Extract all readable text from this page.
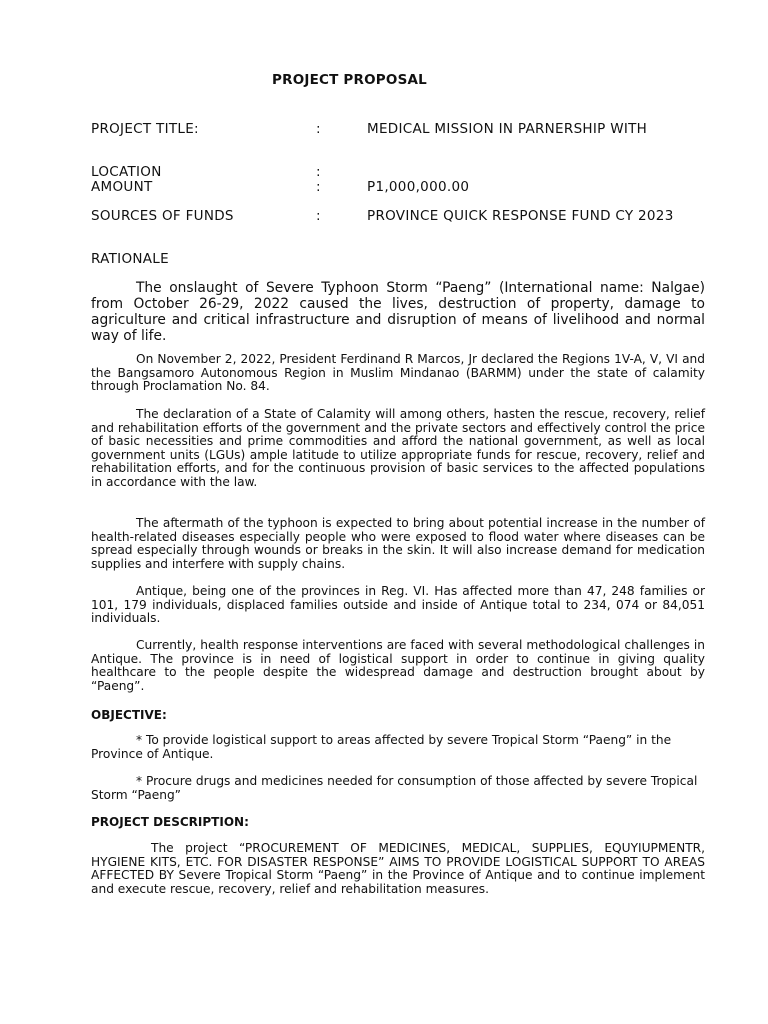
PROJECT PROPOSAL
PROJECT TITLE:	:	MEDICAL MISSION IN PARNERSHIP WITH
LOCATION	:
AMOUNT	:	P1,000,000.00
SOURCES OF FUNDS	:	PROVINCE QUICK RESPONSE FUND CY 2023
RATIONALE

The onslaught of Severe Typhoon Storm “Paeng” (International name: Nalgae) from October 26-29, 2022 caused the lives, destruction of property, damage to agriculture and critical infrastructure and disruption of means of livelihood and normal way of life.

On November 2, 2022, President Ferdinand R Marcos, Jr declared the Regions 1V-A, V, VI and the Bangsamoro Autonomous Region in Muslim Mindanao (BARMM) under the state of calamity through Proclamation No. 84.

The declaration of a State of Calamity will among others, hasten the rescue, recovery, relief and rehabilitation efforts of the government and the private sectors and effectively control the price of basic necessities and prime commodities and afford the national government, as well as local government units (LGUs) ample latitude to utilize appropriate funds for rescue, recovery, relief and rehabilitation efforts, and for the continuous provision of basic services to the affected populations in accordance with the law.

The aftermath of the typhoon is expected to bring about potential increase in the number of health-related diseases especially people who were exposed to flood water where diseases can be spread especially through wounds or breaks in the skin. It will also increase demand for medication supplies and interfere with supply chains.

Antique, being one of the provinces in Reg. VI. Has affected more than 47, 248 families or 101, 179 individuals, displaced families outside and inside of Antique total to 234, 074 or 84,051 individuals.

Currently, health response interventions are faced with several methodological challenges in Antique. The province is in need of logistical support in order to continue in giving quality healthcare to the people despite the widespread damage and destruction brought about by “Paeng”.

OBJECTIVE:

* To provide logistical support to areas affected by severe Tropical Storm “Paeng” in the Province of Antique.

* Procure drugs and medicines needed for consumption of those affected by severe Tropical Storm “Paeng”

PROJECT DESCRIPTION:

The project “PROCUREMENT OF MEDICINES, MEDICAL, SUPPLIES, EQUYIUPMENTR, HYGIENE KITS, ETC. FOR DISASTER RESPONSE” AIMS TO PROVIDE LOGISTICAL SUPPORT TO AREAS AFFECTED BY Severe Tropical Storm “Paeng” in the Province of Antique and to continue implement and execute rescue, recovery, relief and rehabilitation measures.
